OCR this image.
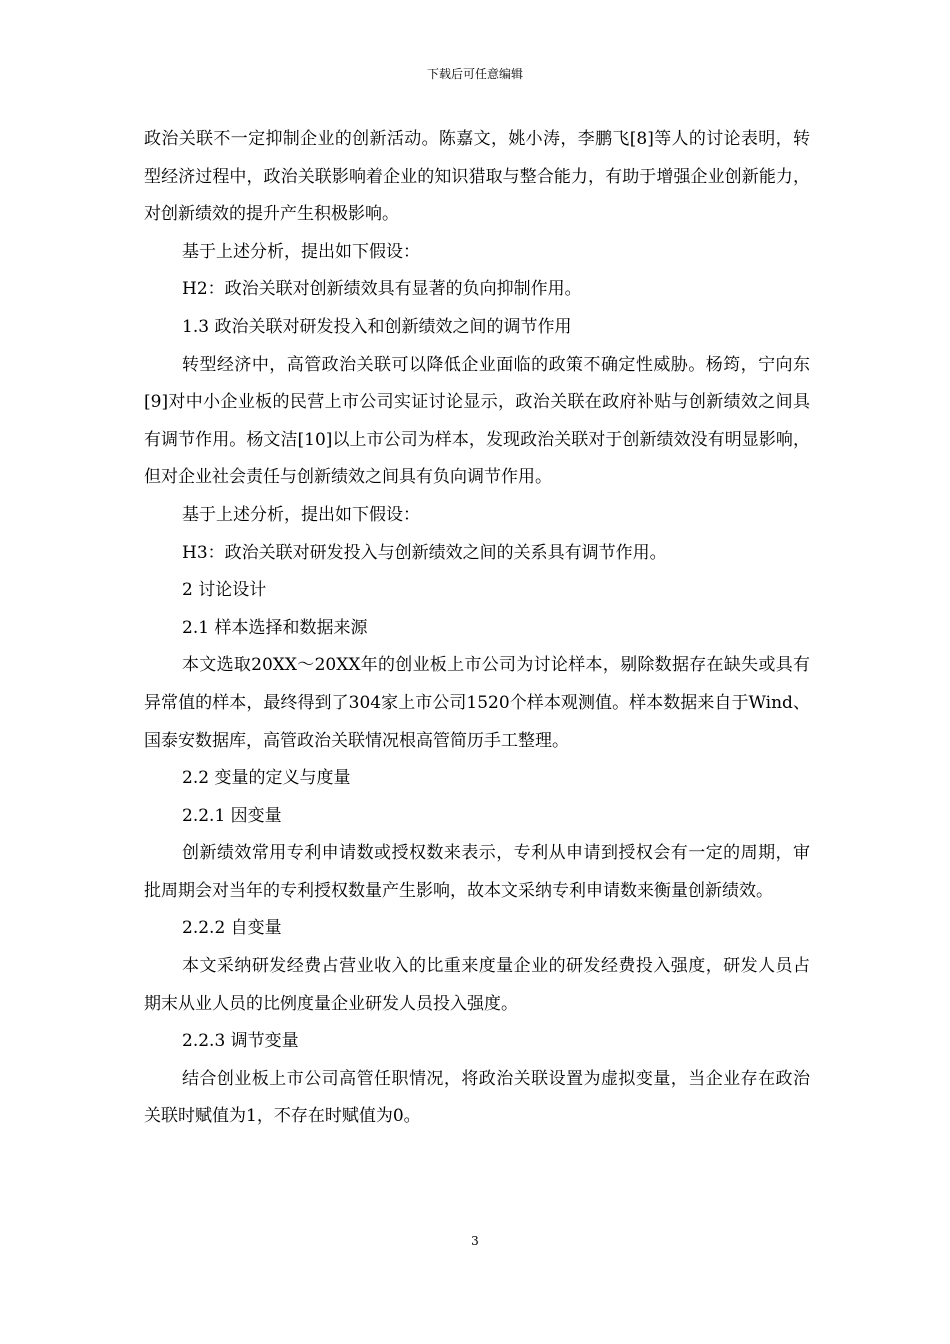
下载后可任意编辑

政治关联不一定抑制企业的创新活动。陈嘉文，姚小涛，李鹏飞[8]等人的讨论表明，转型经济过程中，政治关联影响着企业的知识猎取与整合能力，有助于增强企业创新能力，对创新绩效的提升产生积极影响。

基于上述分析，提出如下假设：

H2：政治关联对创新绩效具有显著的负向抑制作用。

1.3 政治关联对研发投入和创新绩效之间的调节作用

转型经济中，高管政治关联可以降低企业面临的政策不确定性威胁。杨筠，宁向东[9]对中小企业板的民营上市公司实证讨论显示，政治关联在政府补贴与创新绩效之间具有调节作用。杨文洁[10]以上市公司为样本，发现政治关联对于创新绩效没有明显影响，但对企业社会责任与创新绩效之间具有负向调节作用。

基于上述分析，提出如下假设：

H3：政治关联对研发投入与创新绩效之间的关系具有调节作用。

2 讨论设计

2.1 样本选择和数据来源

本文选取20XX～20XX年的创业板上市公司为讨论样本，剔除数据存在缺失或具有异常值的样本，最终得到了304家上市公司1520个样本观测值。样本数据来自于Wind、国泰安数据库，高管政治关联情况根高管简历手工整理。

2.2 变量的定义与度量

2.2.1 因变量

创新绩效常用专利申请数或授权数来表示，专利从申请到授权会有一定的周期，审批周期会对当年的专利授权数量产生影响，故本文采纳专利申请数来衡量创新绩效。

2.2.2 自变量

本文采纳研发经费占营业收入的比重来度量企业的研发经费投入强度，研发人员占期末从业人员的比例度量企业研发人员投入强度。

2.2.3 调节变量

结合创业板上市公司高管任职情况，将政治关联设置为虚拟变量，当企业存在政治关联时赋值为1，不存在时赋值为0。

3
